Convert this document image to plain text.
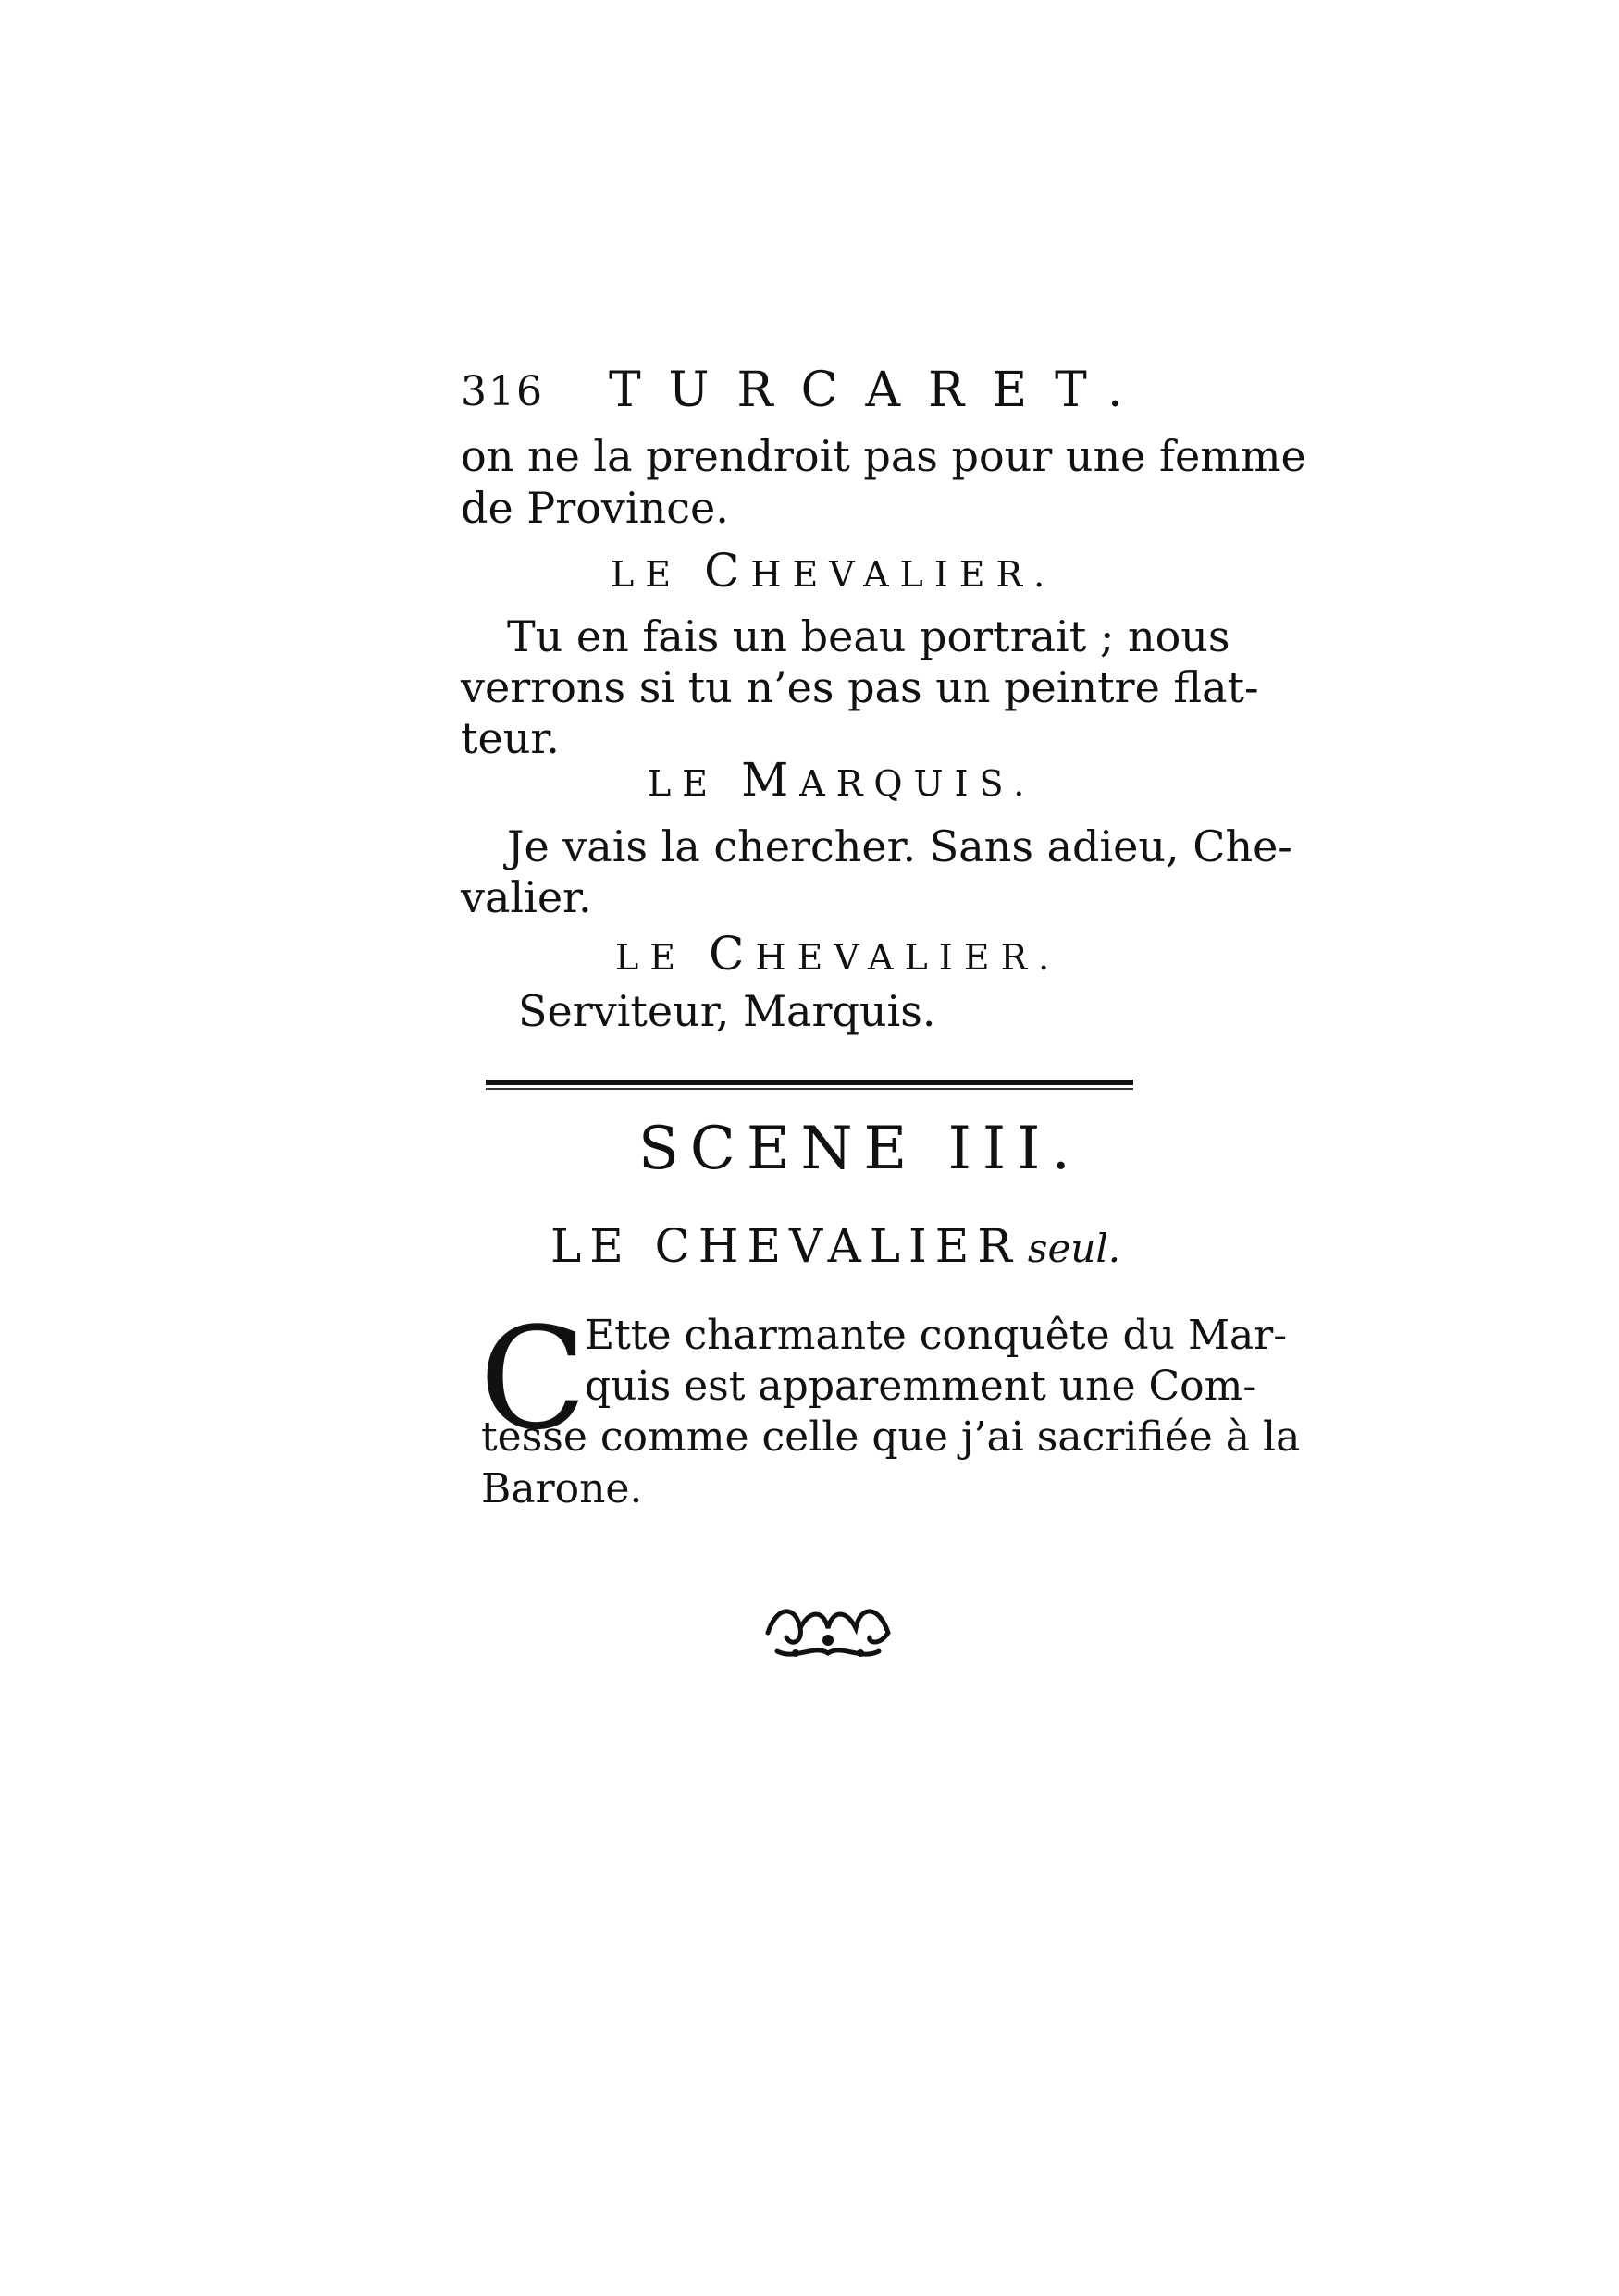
316 TURCARET.
on ne la prendroit pas pour une femme
de Province.
LE CHEVALIER.
Tu en fais un beau portrait ; nous
verrons si tu n’es pas un peintre flat-
teur.
LE MARQUIS.
Je vais la chercher. Sans adieu, Che-
valier.
LE CHEVALIER.
Serviteur, Marquis.
SCENE III.
LE CHEVALIER seul.
C
Ette charmante conquête du Mar-
quis est apparemment une Com-
tesse comme celle que j’ai sacrifiée à la
Barone.
